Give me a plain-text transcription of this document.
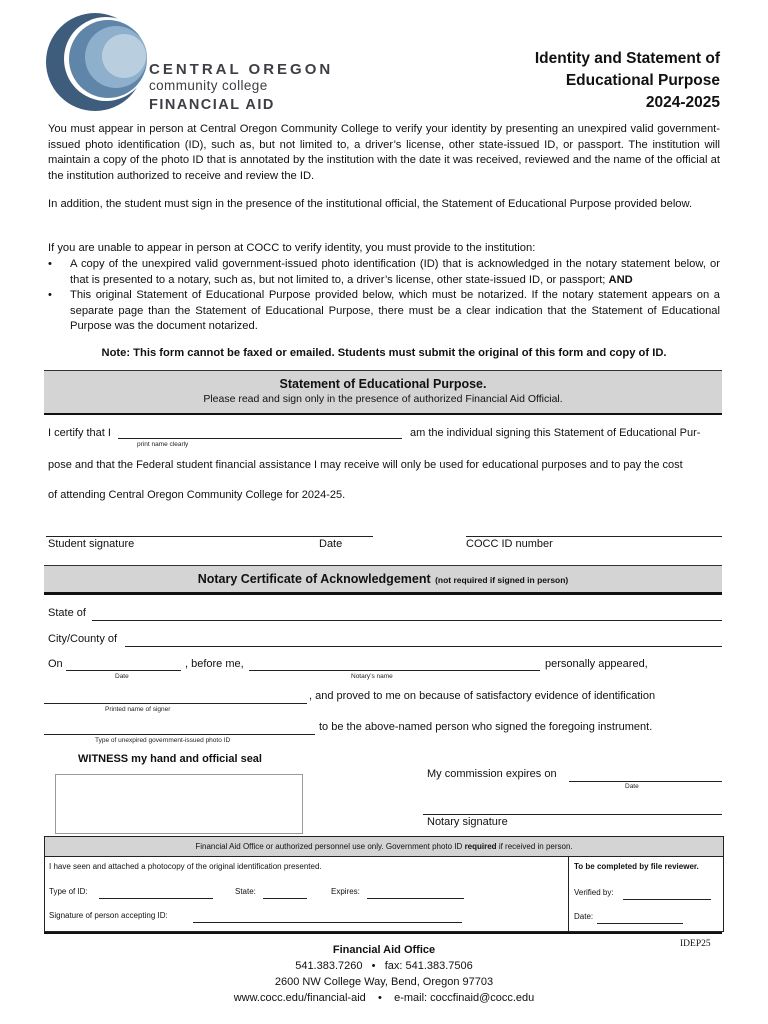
CENTRAL OREGON
community college
FINANCIAL AID
Identity and Statement of
Educational Purpose
2024-2025
You must appear in person at Central Oregon Community College to verify your identity by presenting an unexpired valid government-issued photo identification (ID), such as, but not limited to, a driver’s license, other state-issued ID, or passport. The institution will maintain a copy of the photo ID that is annotated by the institution with the date it was received, reviewed and the name of the official at the institution authorized to receive and review the ID.
In addition, the student must sign in the presence of the institutional official, the Statement of Educational Purpose provided below.
If you are unable to appear in person at COCC to verify identity, you must provide to the institution:
• A copy of the unexpired valid government-issued photo identification (ID) that is acknowledged in the notary statement below, or that is presented to a notary, such as, but not limited to, a driver’s license, other state-issued ID, or passport; AND
• This original Statement of Educational Purpose provided below, which must be notarized. If the notary statement appears on a separate page than the Statement of Educational Purpose, there must be a clear indication that the Statement of Educational Purpose was the document notarized.
Note: This form cannot be faxed or emailed. Students must submit the original of this form and copy of ID.
Statement of Educational Purpose.
Please read and sign only in the presence of authorized Financial Aid Official.
I certify that I
print name clearly
am the individual signing this Statement of Educational Pur-
pose and that the Federal student financial assistance I may receive will only be used for educational purposes and to pay the cost
of attending Central Oregon Community College for 2024-25.
Student signature	Date	COCC ID number
Notary Certificate of Acknowledgement (not required if signed in person)
State of
City/County of
On
Date
, before me,
Notary’s name
personally appeared,
Printed name of signer
, and proved to me on because of satisfactory evidence of identification
Type of unexpired government-issued photo ID
to be the above-named person who signed the foregoing instrument.
WITNESS my hand and official seal
My commission expires on
Date
Notary signature
Financial Aid Office or authorized personnel use only. Government photo ID required if received in person.
I have seen and attached a photocopy of the original identification presented.
Type of ID:	State:	Expires:
Signature of person accepting ID:
To be completed by file reviewer.
Verified by:
Date:
IDEP25
Financial Aid Office
541.383.7260 • fax: 541.383.7506
2600 NW College Way, Bend, Oregon 97703
www.cocc.edu/financial-aid • e-mail: coccfinaid@cocc.edu
